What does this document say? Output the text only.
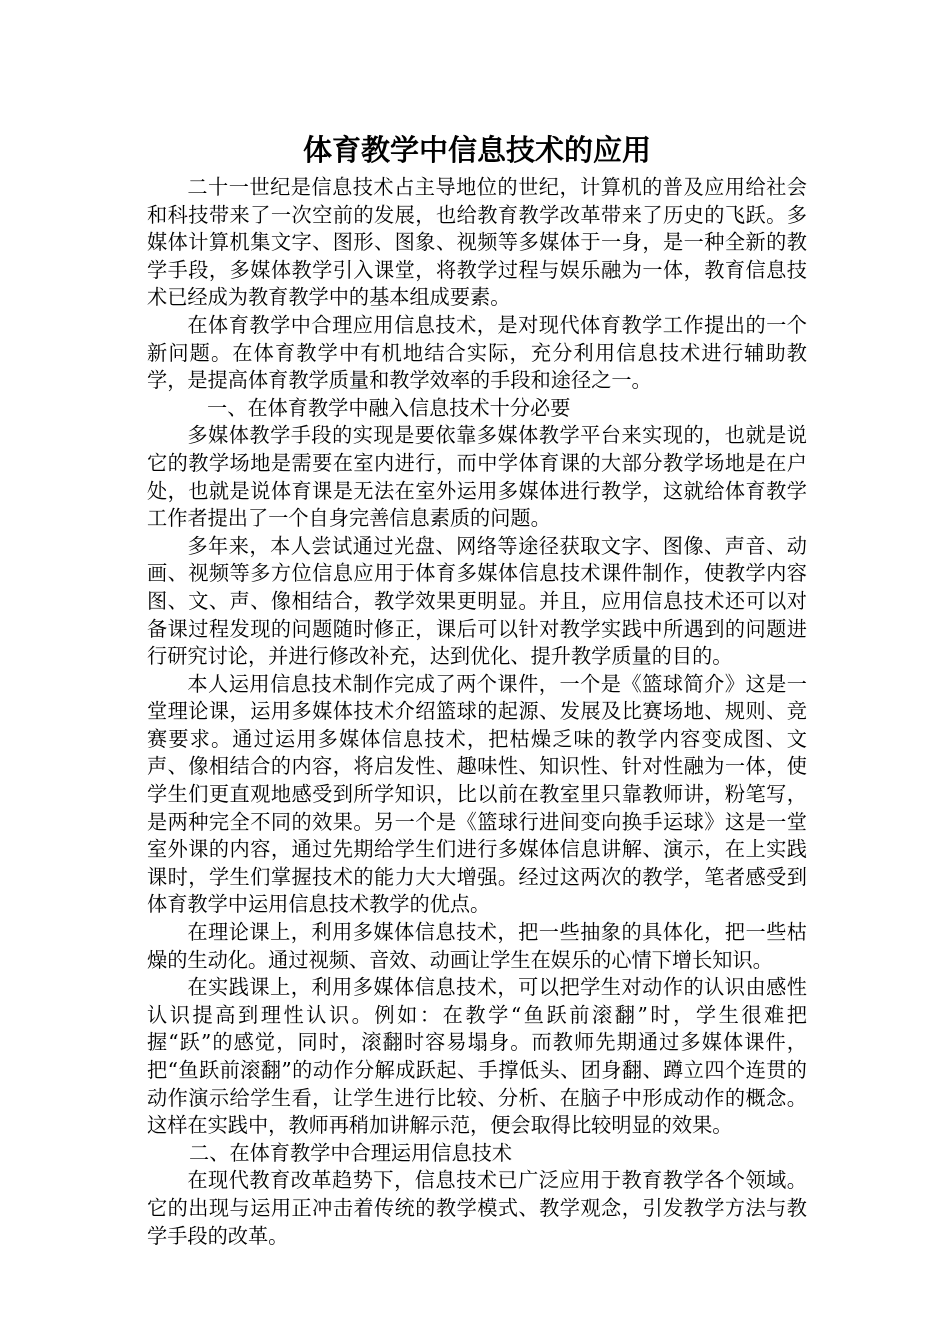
体育教学中信息技术的应用

二十一世纪是信息技术占主导地位的世纪，计算机的普及应用给社会和科技带来了一次空前的发展，也给教育教学改革带来了历史的飞跃。多媒体计算机集文字、图形、图象、视频等多媒体于一身，是一种全新的教学手段，多媒体教学引入课堂，将教学过程与娱乐融为一体，教育信息技术已经成为教育教学中的基本组成要素。

在体育教学中合理应用信息技术，是对现代体育教学工作提出的一个新问题。在体育教学中有机地结合实际，充分利用信息技术进行辅助教学，是提高体育教学质量和教学效率的手段和途径之一。

一、在体育教学中融入信息技术十分必要

多媒体教学手段的实现是要依靠多媒体教学平台来实现的，也就是说它的教学场地是需要在室内进行，而中学体育课的大部分教学场地是在户处，也就是说体育课是无法在室外运用多媒体进行教学，这就给体育教学工作者提出了一个自身完善信息素质的问题。

多年来，本人尝试通过光盘、网络等途径获取文字、图像、声音、动画、视频等多方位信息应用于体育多媒体信息技术课件制作，使教学内容图、文、声、像相结合，教学效果更明显。并且，应用信息技术还可以对备课过程发现的问题随时修正，课后可以针对教学实践中所遇到的问题进行研究讨论，并进行修改补充，达到优化、提升教学质量的目的。

本人运用信息技术制作完成了两个课件，一个是《篮球简介》这是一堂理论课，运用多媒体技术介绍篮球的起源、发展及比赛场地、规则、竞赛要求。通过运用多媒体信息技术，把枯燥乏味的教学内容变成图、文声、像相结合的内容，将启发性、趣味性、知识性、针对性融为一体，使学生们更直观地感受到所学知识，比以前在教室里只靠教师讲，粉笔写，是两种完全不同的效果。另一个是《篮球行进间变向换手运球》这是一堂室外课的内容，通过先期给学生们进行多媒体信息讲解、演示，在上实践课时，学生们掌握技术的能力大大增强。经过这两次的教学，笔者感受到体育教学中运用信息技术教学的优点。

在理论课上，利用多媒体信息技术，把一些抽象的具体化，把一些枯燥的生动化。通过视频、音效、动画让学生在娱乐的心情下增长知识。

在实践课上，利用多媒体信息技术，可以把学生对动作的认识由感性认识提高到理性认识。例如：在教学“鱼跃前滚翻”时，学生很难把握“跃”的感觉，同时，滚翻时容易塌身。而教师先期通过多媒体课件，把“鱼跃前滚翻”的动作分解成跃起、手撑低头、团身翻、蹲立四个连贯的动作演示给学生看，让学生进行比较、分析、在脑子中形成动作的概念。这样在实践中，教师再稍加讲解示范，便会取得比较明显的效果。

二、在体育教学中合理运用信息技术

在现代教育改革趋势下，信息技术已广泛应用于教育教学各个领域。它的出现与运用正冲击着传统的教学模式、教学观念，引发教学方法与教学手段的改革。
